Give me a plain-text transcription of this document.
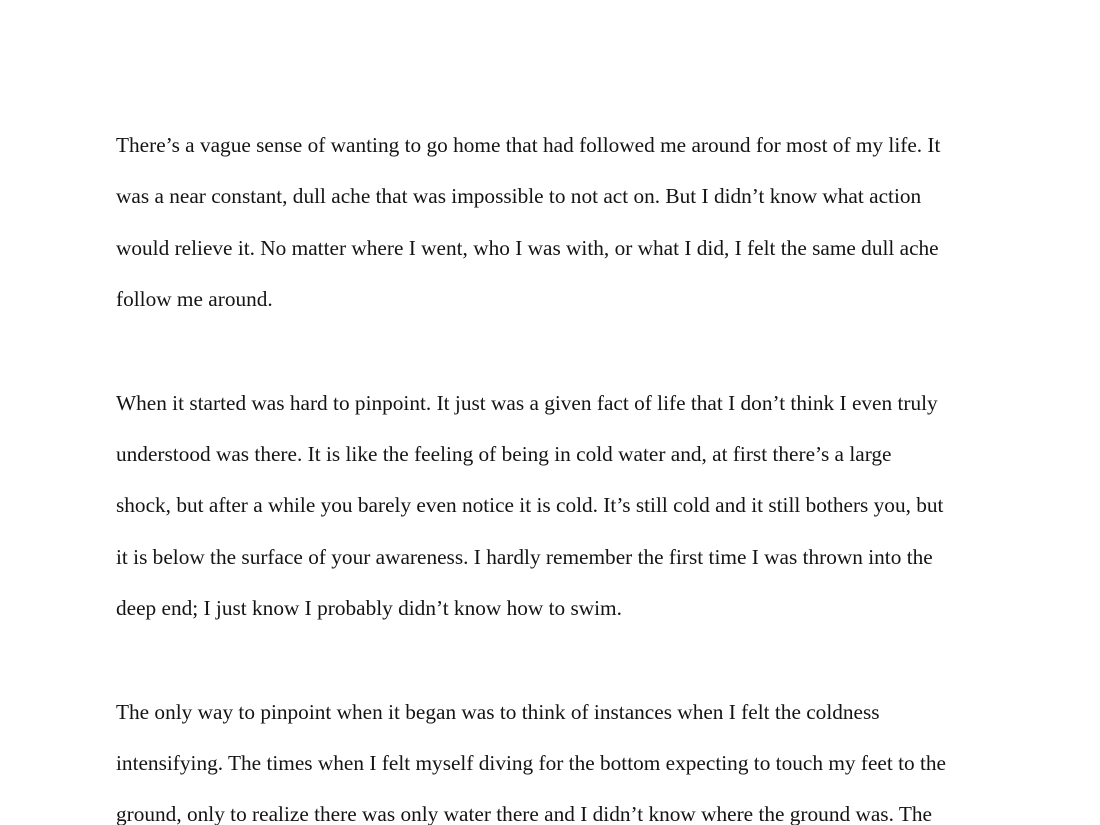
There’s a vague sense of wanting to go home that had followed me around for most of my life. It

was a near constant, dull ache that was impossible to not act on. But I didn’t know what action

would relieve it. No matter where I went, who I was with, or what I did, I felt the same dull ache

follow me around.

When it started was hard to pinpoint. It just was a given fact of life that I don’t think I even truly

understood was there. It is like the feeling of being in cold water and, at first there’s a large

shock, but after a while you barely even notice it is cold. It’s still cold and it still bothers you, but

it is below the surface of your awareness. I hardly remember the first time I was thrown into the

deep end; I just know I probably didn’t know how to swim.

The only way to pinpoint when it began was to think of instances when I felt the coldness

intensifying. The times when I felt myself diving for the bottom expecting to touch my feet to the

ground, only to realize there was only water there and I didn’t know where the ground was. The
